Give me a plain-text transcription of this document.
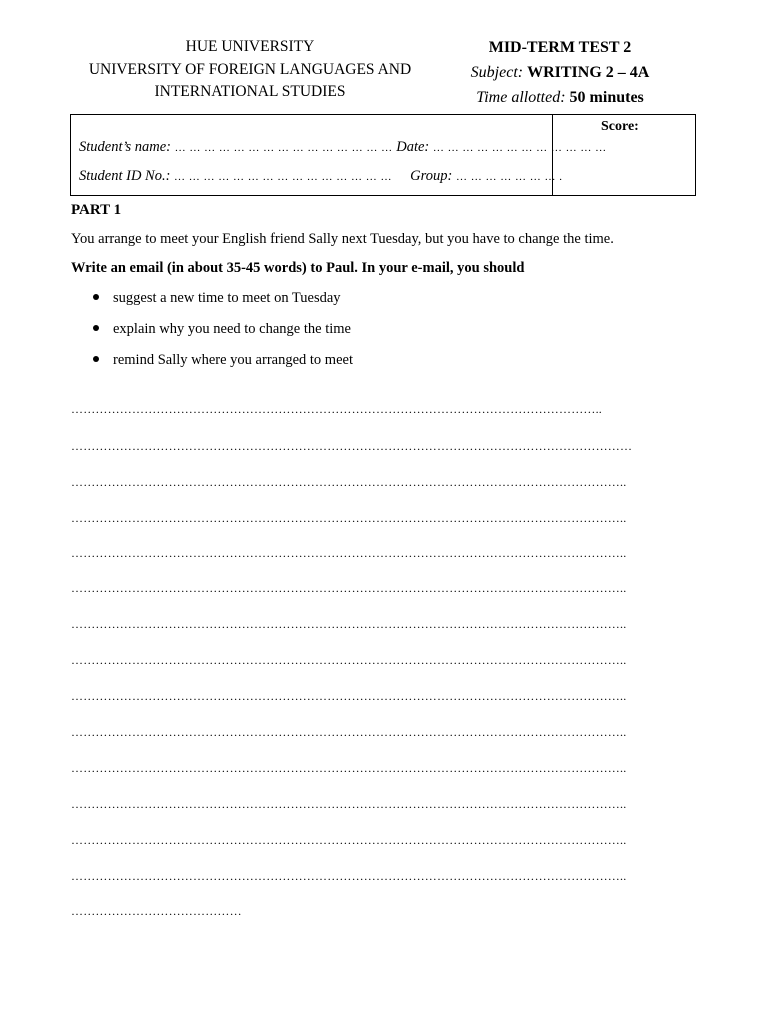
HUE UNIVERSITY
UNIVERSITY OF FOREIGN LANGUAGES AND
INTERNATIONAL STUDIES
MID-TERM TEST 2
Subject: WRITING 2 – 4A
Time allotted: 50 minutes
Score:
Student’s name: … … … … … … … … … … … … … … … Date: … … … … … … … … … … … …
Student ID No.: … … … … … … … … … … … … … … … Group: … … … … … … … .
PART 1
You arrange to meet your English friend Sally next Tuesday, but you have to change the time.
Write an email (in about 35-45 words) to Paul. In your e-mail, you should
suggest a new time to meet on Tuesday
explain why you need to change the time
remind Sally where you arranged to meet
…………………………………………………………………………………………………………………..
…………………………………………………………………………………………………………………………
………………………………………………………………………………………………………………………..
………………………………………………………………………………………………………………………..
………………………………………………………………………………………………………………………..
………………………………………………………………………………………………………………………..
………………………………………………………………………………………………………………………..
………………………………………………………………………………………………………………………..
………………………………………………………………………………………………………………………..
………………………………………………………………………………………………………………………..
………………………………………………………………………………………………………………………..
………………………………………………………………………………………………………………………..
………………………………………………………………………………………………………………………..
………………………………………………………………………………………………………………………..
……………………………………
